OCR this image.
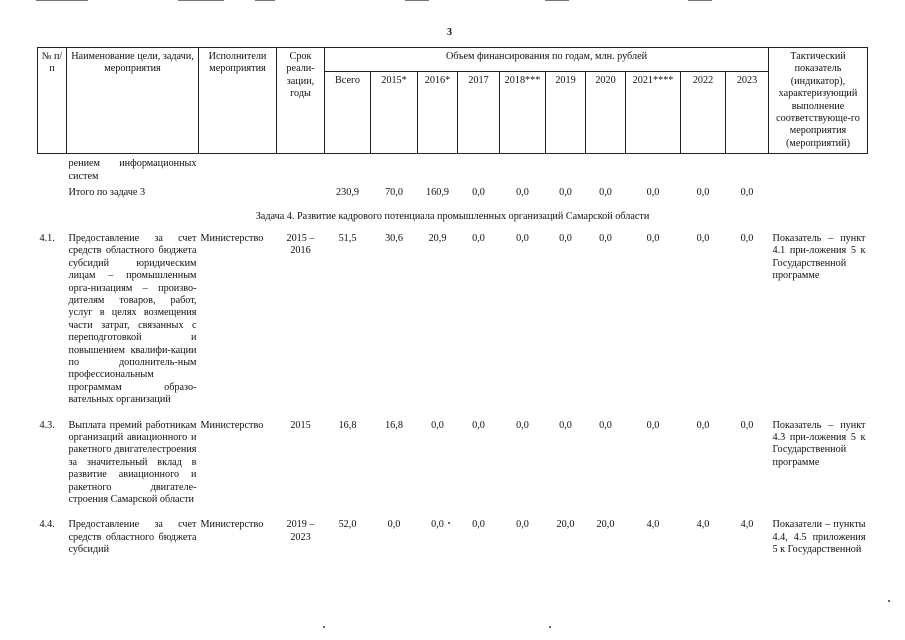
3
№ п/п	Наименование цели, задачи, мероприятия	Исполнители мероприятия	Срок реали-зации, годы	Объем финансирования по годам, млн. рублей										Тактический показатель (индикатор), характеризующий выполнение соответствующе-го мероприятия (мероприятий)
				Всего	2015*	2016*	2017	2018***	2019	2020	2021****	2022	2023	
	рением информационных систем													
	Итого по задаче 3			230,9	70,0	160,9	0,0	0,0	0,0	0,0	0,0	0,0	0,0	
Задача 4. Развитие кадрового потенциала промышленных организаций Самарской области														
4.1.	Предоставление за счет средств областного бюджета субсидий юридическим лицам – промышленным орга-низациям – произво-дителям товаров, работ, услуг в целях возмещения части затрат, связанных с переподготовкой и повышением квалифи-кации по дополнитель-ным профессиональным программам образо-вательных организаций	Министерство	2015 – 2016	51,5	30,6	20,9	0,0	0,0	0,0	0,0	0,0	0,0	0,0	Показатель – пункт 4.1 при-ложения 5 к Государственной программе
4.3.	Выплата премий работникам организаций авиационного и ракетного двигателестроения за значительный вклад в развитие авиационного и ракетного двигателе-строения Самарской области	Министерство	2015	16,8	16,8	0,0	0,0	0,0	0,0	0,0	0,0	0,0	0,0	Показатель – пункт 4.3 при-ложения 5 к Государственной программе
4.4.	Предоставление за счет средств областного бюджета субсидий	Министерство	2019 – 2023	52,0	0,0	0,0	0,0	0,0	20,0	20,0	4,0	4,0	4,0	Показатели – пункты 4.4, 4.5 приложения 5 к Государственной
